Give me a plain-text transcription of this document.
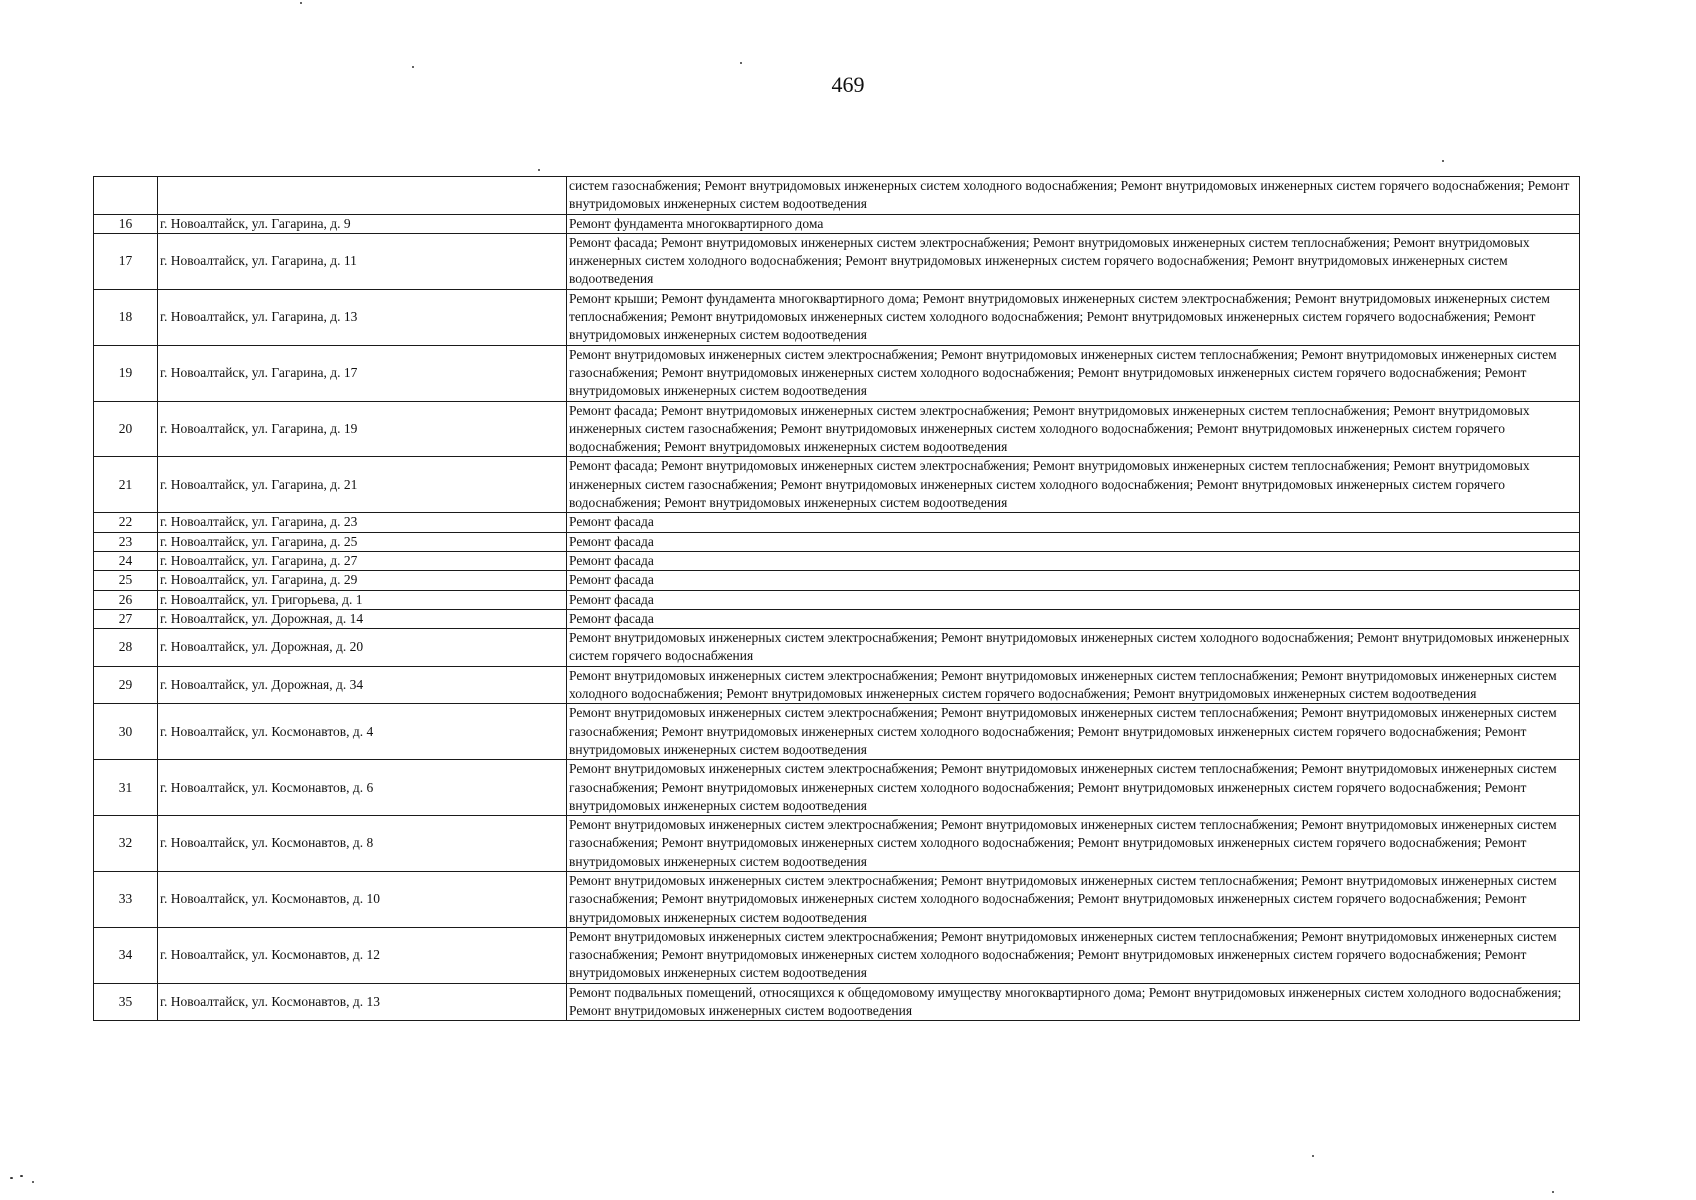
469
		систем газоснабжения; Ремонт внутридомовых инженерных систем холодного водоснабжения; Ремонт внутридомовых инженерных систем горячего водоснабжения; Ремонт внутридомовых инженерных систем водоотведения
16	г. Новоалтайск, ул. Гагарина, д. 9	Ремонт фундамента многоквартирного дома
17	г. Новоалтайск, ул. Гагарина, д. 11	Ремонт фасада; Ремонт внутридомовых инженерных систем электроснабжения; Ремонт внутридомовых инженерных систем теплоснабжения; Ремонт внутридомовых инженерных систем холодного водоснабжения; Ремонт внутридомовых инженерных систем горячего водоснабжения; Ремонт внутридомовых инженерных систем водоотведения
18	г. Новоалтайск, ул. Гагарина, д. 13	Ремонт крыши; Ремонт фундамента многоквартирного дома; Ремонт внутридомовых инженерных систем электроснабжения; Ремонт внутридомовых инженерных систем теплоснабжения; Ремонт внутридомовых инженерных систем холодного водоснабжения; Ремонт внутридомовых инженерных систем горячего водоснабжения; Ремонт внутридомовых инженерных систем водоотведения
19	г. Новоалтайск, ул. Гагарина, д. 17	Ремонт внутридомовых инженерных систем электроснабжения; Ремонт внутридомовых инженерных систем теплоснабжения; Ремонт внутридомовых инженерных систем газоснабжения; Ремонт внутридомовых инженерных систем холодного водоснабжения; Ремонт внутридомовых инженерных систем горячего водоснабжения; Ремонт внутридомовых инженерных систем водоотведения
20	г. Новоалтайск, ул. Гагарина, д. 19	Ремонт фасада; Ремонт внутридомовых инженерных систем электроснабжения; Ремонт внутридомовых инженерных систем теплоснабжения; Ремонт внутридомовых инженерных систем газоснабжения; Ремонт внутридомовых инженерных систем холодного водоснабжения; Ремонт внутридомовых инженерных систем горячего водоснабжения; Ремонт внутридомовых инженерных систем водоотведения
21	г. Новоалтайск, ул. Гагарина, д. 21	Ремонт фасада; Ремонт внутридомовых инженерных систем электроснабжения; Ремонт внутридомовых инженерных систем теплоснабжения; Ремонт внутридомовых инженерных систем газоснабжения; Ремонт внутридомовых инженерных систем холодного водоснабжения; Ремонт внутридомовых инженерных систем горячего водоснабжения; Ремонт внутридомовых инженерных систем водоотведения
22	г. Новоалтайск, ул. Гагарина, д. 23	Ремонт фасада
23	г. Новоалтайск, ул. Гагарина, д. 25	Ремонт фасада
24	г. Новоалтайск, ул. Гагарина, д. 27	Ремонт фасада
25	г. Новоалтайск, ул. Гагарина, д. 29	Ремонт фасада
26	г. Новоалтайск, ул. Григорьева, д. 1	Ремонт фасада
27	г. Новоалтайск, ул. Дорожная, д. 14	Ремонт фасада
28	г. Новоалтайск, ул. Дорожная, д. 20	Ремонт внутридомовых инженерных систем электроснабжения; Ремонт внутридомовых инженерных систем холодного водоснабжения; Ремонт внутридомовых инженерных систем горячего водоснабжения
29	г. Новоалтайск, ул. Дорожная, д. 34	Ремонт внутридомовых инженерных систем электроснабжения; Ремонт внутридомовых инженерных систем теплоснабжения; Ремонт внутридомовых инженерных систем холодного водоснабжения; Ремонт внутридомовых инженерных систем горячего водоснабжения; Ремонт внутридомовых инженерных систем водоотведения
30	г. Новоалтайск, ул. Космонавтов, д. 4	Ремонт внутридомовых инженерных систем электроснабжения; Ремонт внутридомовых инженерных систем теплоснабжения; Ремонт внутридомовых инженерных систем газоснабжения; Ремонт внутридомовых инженерных систем холодного водоснабжения; Ремонт внутридомовых инженерных систем горячего водоснабжения; Ремонт внутридомовых инженерных систем водоотведения
31	г. Новоалтайск, ул. Космонавтов, д. 6	Ремонт внутридомовых инженерных систем электроснабжения; Ремонт внутридомовых инженерных систем теплоснабжения; Ремонт внутридомовых инженерных систем газоснабжения; Ремонт внутридомовых инженерных систем холодного водоснабжения; Ремонт внутридомовых инженерных систем горячего водоснабжения; Ремонт внутридомовых инженерных систем водоотведения
32	г. Новоалтайск, ул. Космонавтов, д. 8	Ремонт внутридомовых инженерных систем электроснабжения; Ремонт внутридомовых инженерных систем теплоснабжения; Ремонт внутридомовых инженерных систем газоснабжения; Ремонт внутридомовых инженерных систем холодного водоснабжения; Ремонт внутридомовых инженерных систем горячего водоснабжения; Ремонт внутридомовых инженерных систем водоотведения
33	г. Новоалтайск, ул. Космонавтов, д. 10	Ремонт внутридомовых инженерных систем электроснабжения; Ремонт внутридомовых инженерных систем теплоснабжения; Ремонт внутридомовых инженерных систем газоснабжения; Ремонт внутридомовых инженерных систем холодного водоснабжения; Ремонт внутридомовых инженерных систем горячего водоснабжения; Ремонт внутридомовых инженерных систем водоотведения
34	г. Новоалтайск, ул. Космонавтов, д. 12	Ремонт внутридомовых инженерных систем электроснабжения; Ремонт внутридомовых инженерных систем теплоснабжения; Ремонт внутридомовых инженерных систем газоснабжения; Ремонт внутридомовых инженерных систем холодного водоснабжения; Ремонт внутридомовых инженерных систем горячего водоснабжения; Ремонт внутридомовых инженерных систем водоотведения
35	г. Новоалтайск, ул. Космонавтов, д. 13	Ремонт подвальных помещений, относящихся к общедомовому имуществу многоквартирного дома; Ремонт внутридомовых инженерных систем холодного водоснабжения; Ремонт внутридомовых инженерных систем водоотведения
